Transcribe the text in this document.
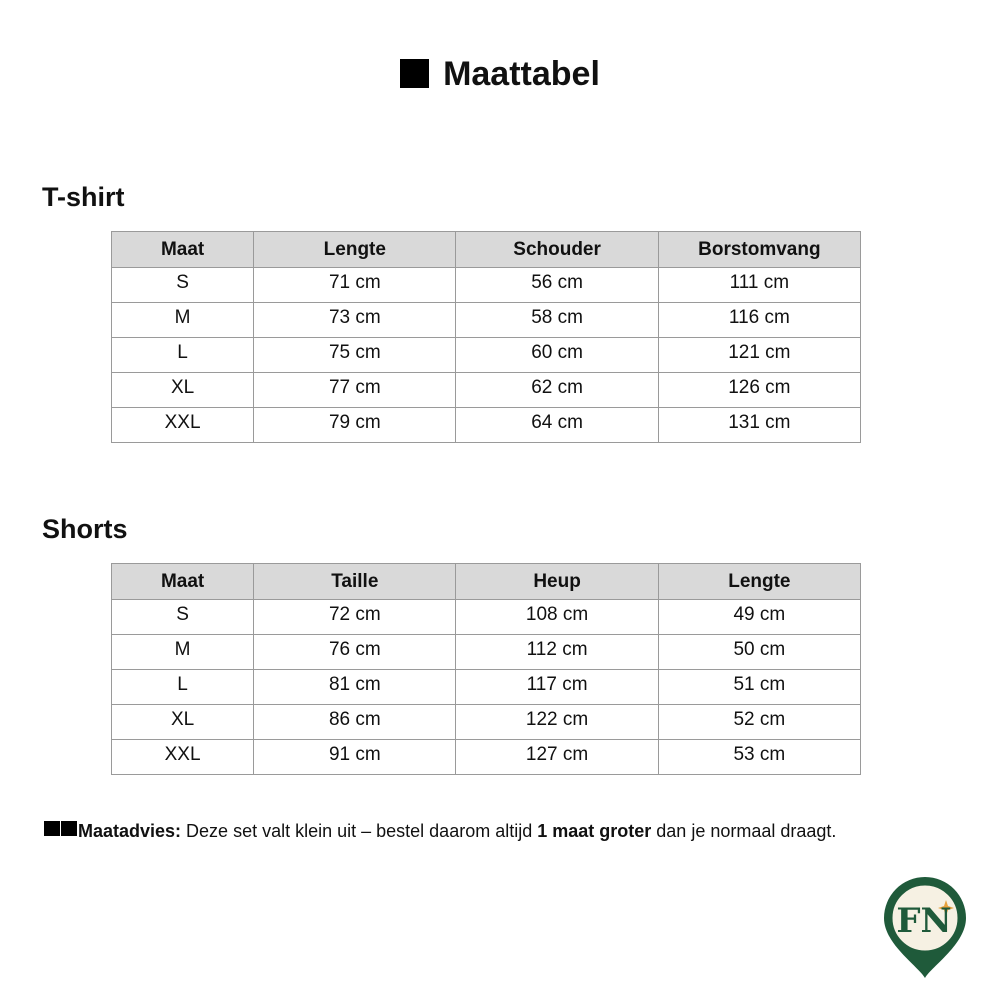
Maattabel
T-shirt
Maat	Lengte	Schouder	Borstomvang
S	71 cm	56 cm	111 cm
M	73 cm	58 cm	116 cm
L	75 cm	60 cm	121 cm
XL	77 cm	62 cm	126 cm
XXL	79 cm	64 cm	131 cm
Shorts
Maat	Taille	Heup	Lengte
S	72 cm	108 cm	49 cm
M	76 cm	112 cm	50 cm
L	81 cm	117 cm	51 cm
XL	86 cm	122 cm	52 cm
XXL	91 cm	127 cm	53 cm
Maatadvies: Deze set valt klein uit – bestel daarom altijd 1 maat groter dan je normaal draagt.
FN
